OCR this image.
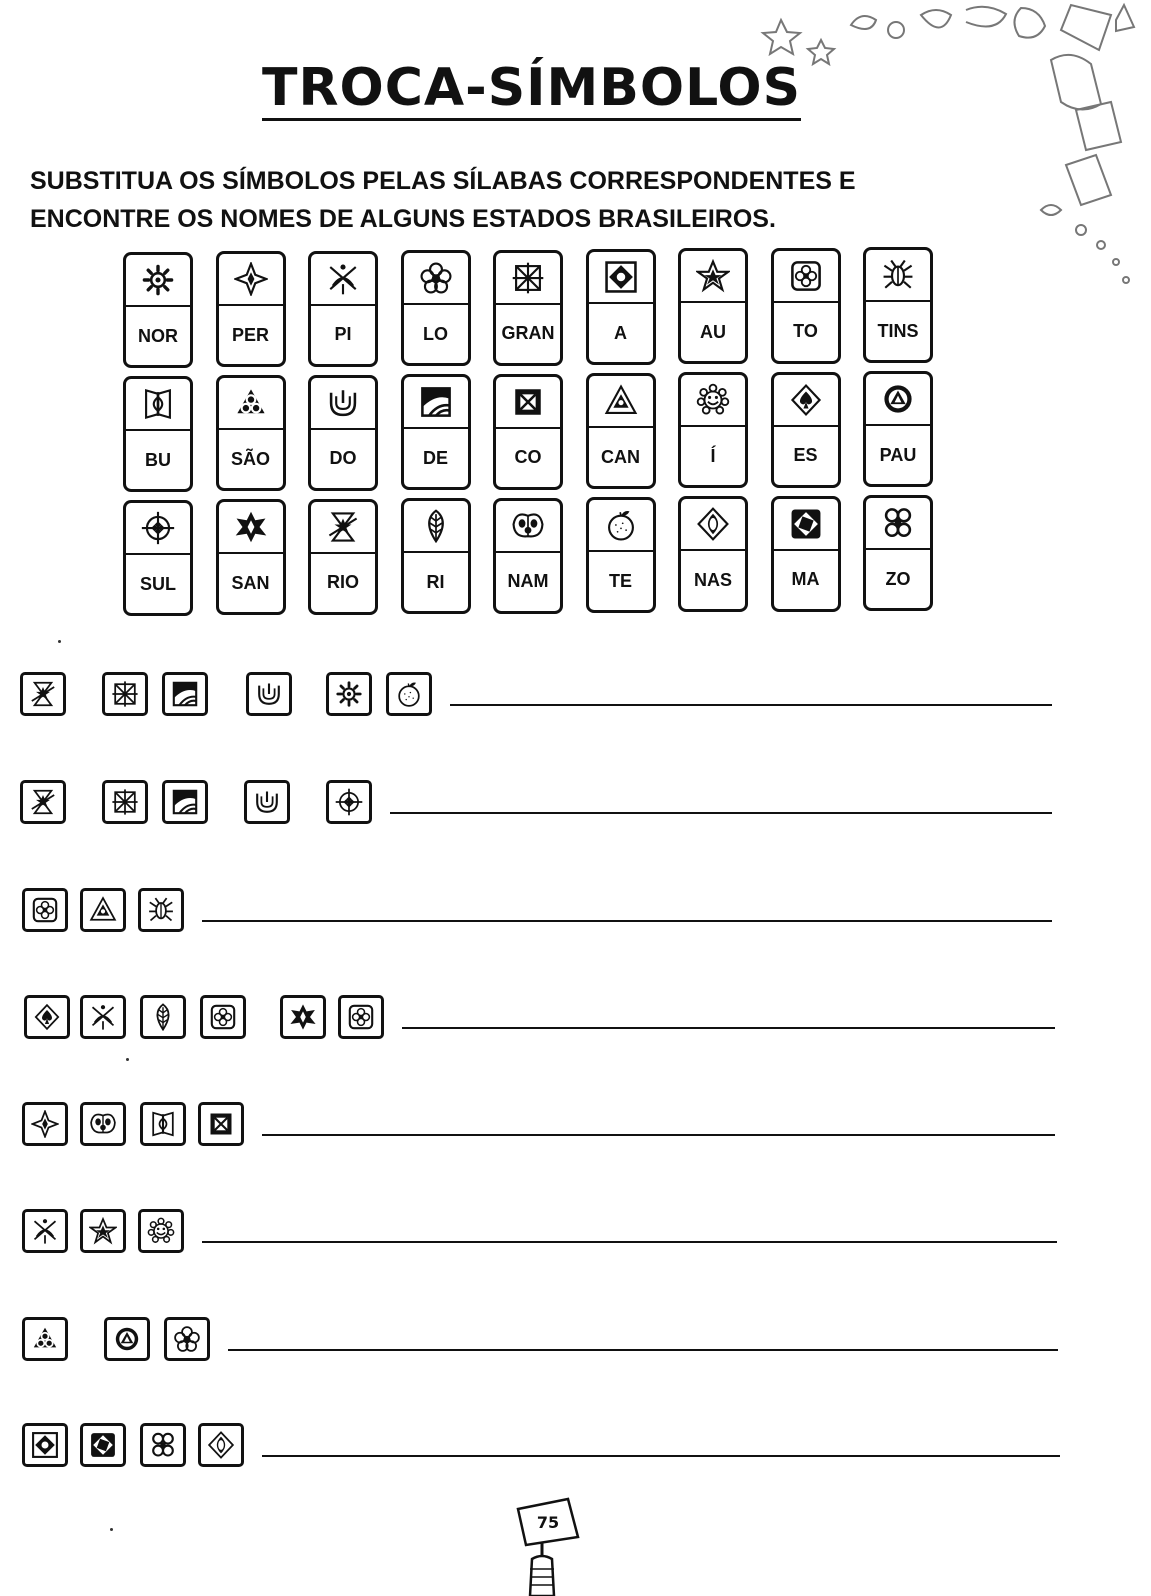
TROCA-SÍMBOLOS
SUBSTITUA OS SÍMBOLOS PELAS SÍLABAS CORRESPONDENTES E
ENCONTRE OS NOMES DE ALGUNS ESTADOS BRASILEIROS.
NOR	PER	PI	LO	GRAN	A	AU	TO	TINS
BU	SÃO	DO	DE	CO	CAN	Í	ES	PAU
SUL	SAN	RIO	RI	NAM	TE	NAS	MA	ZO
75
